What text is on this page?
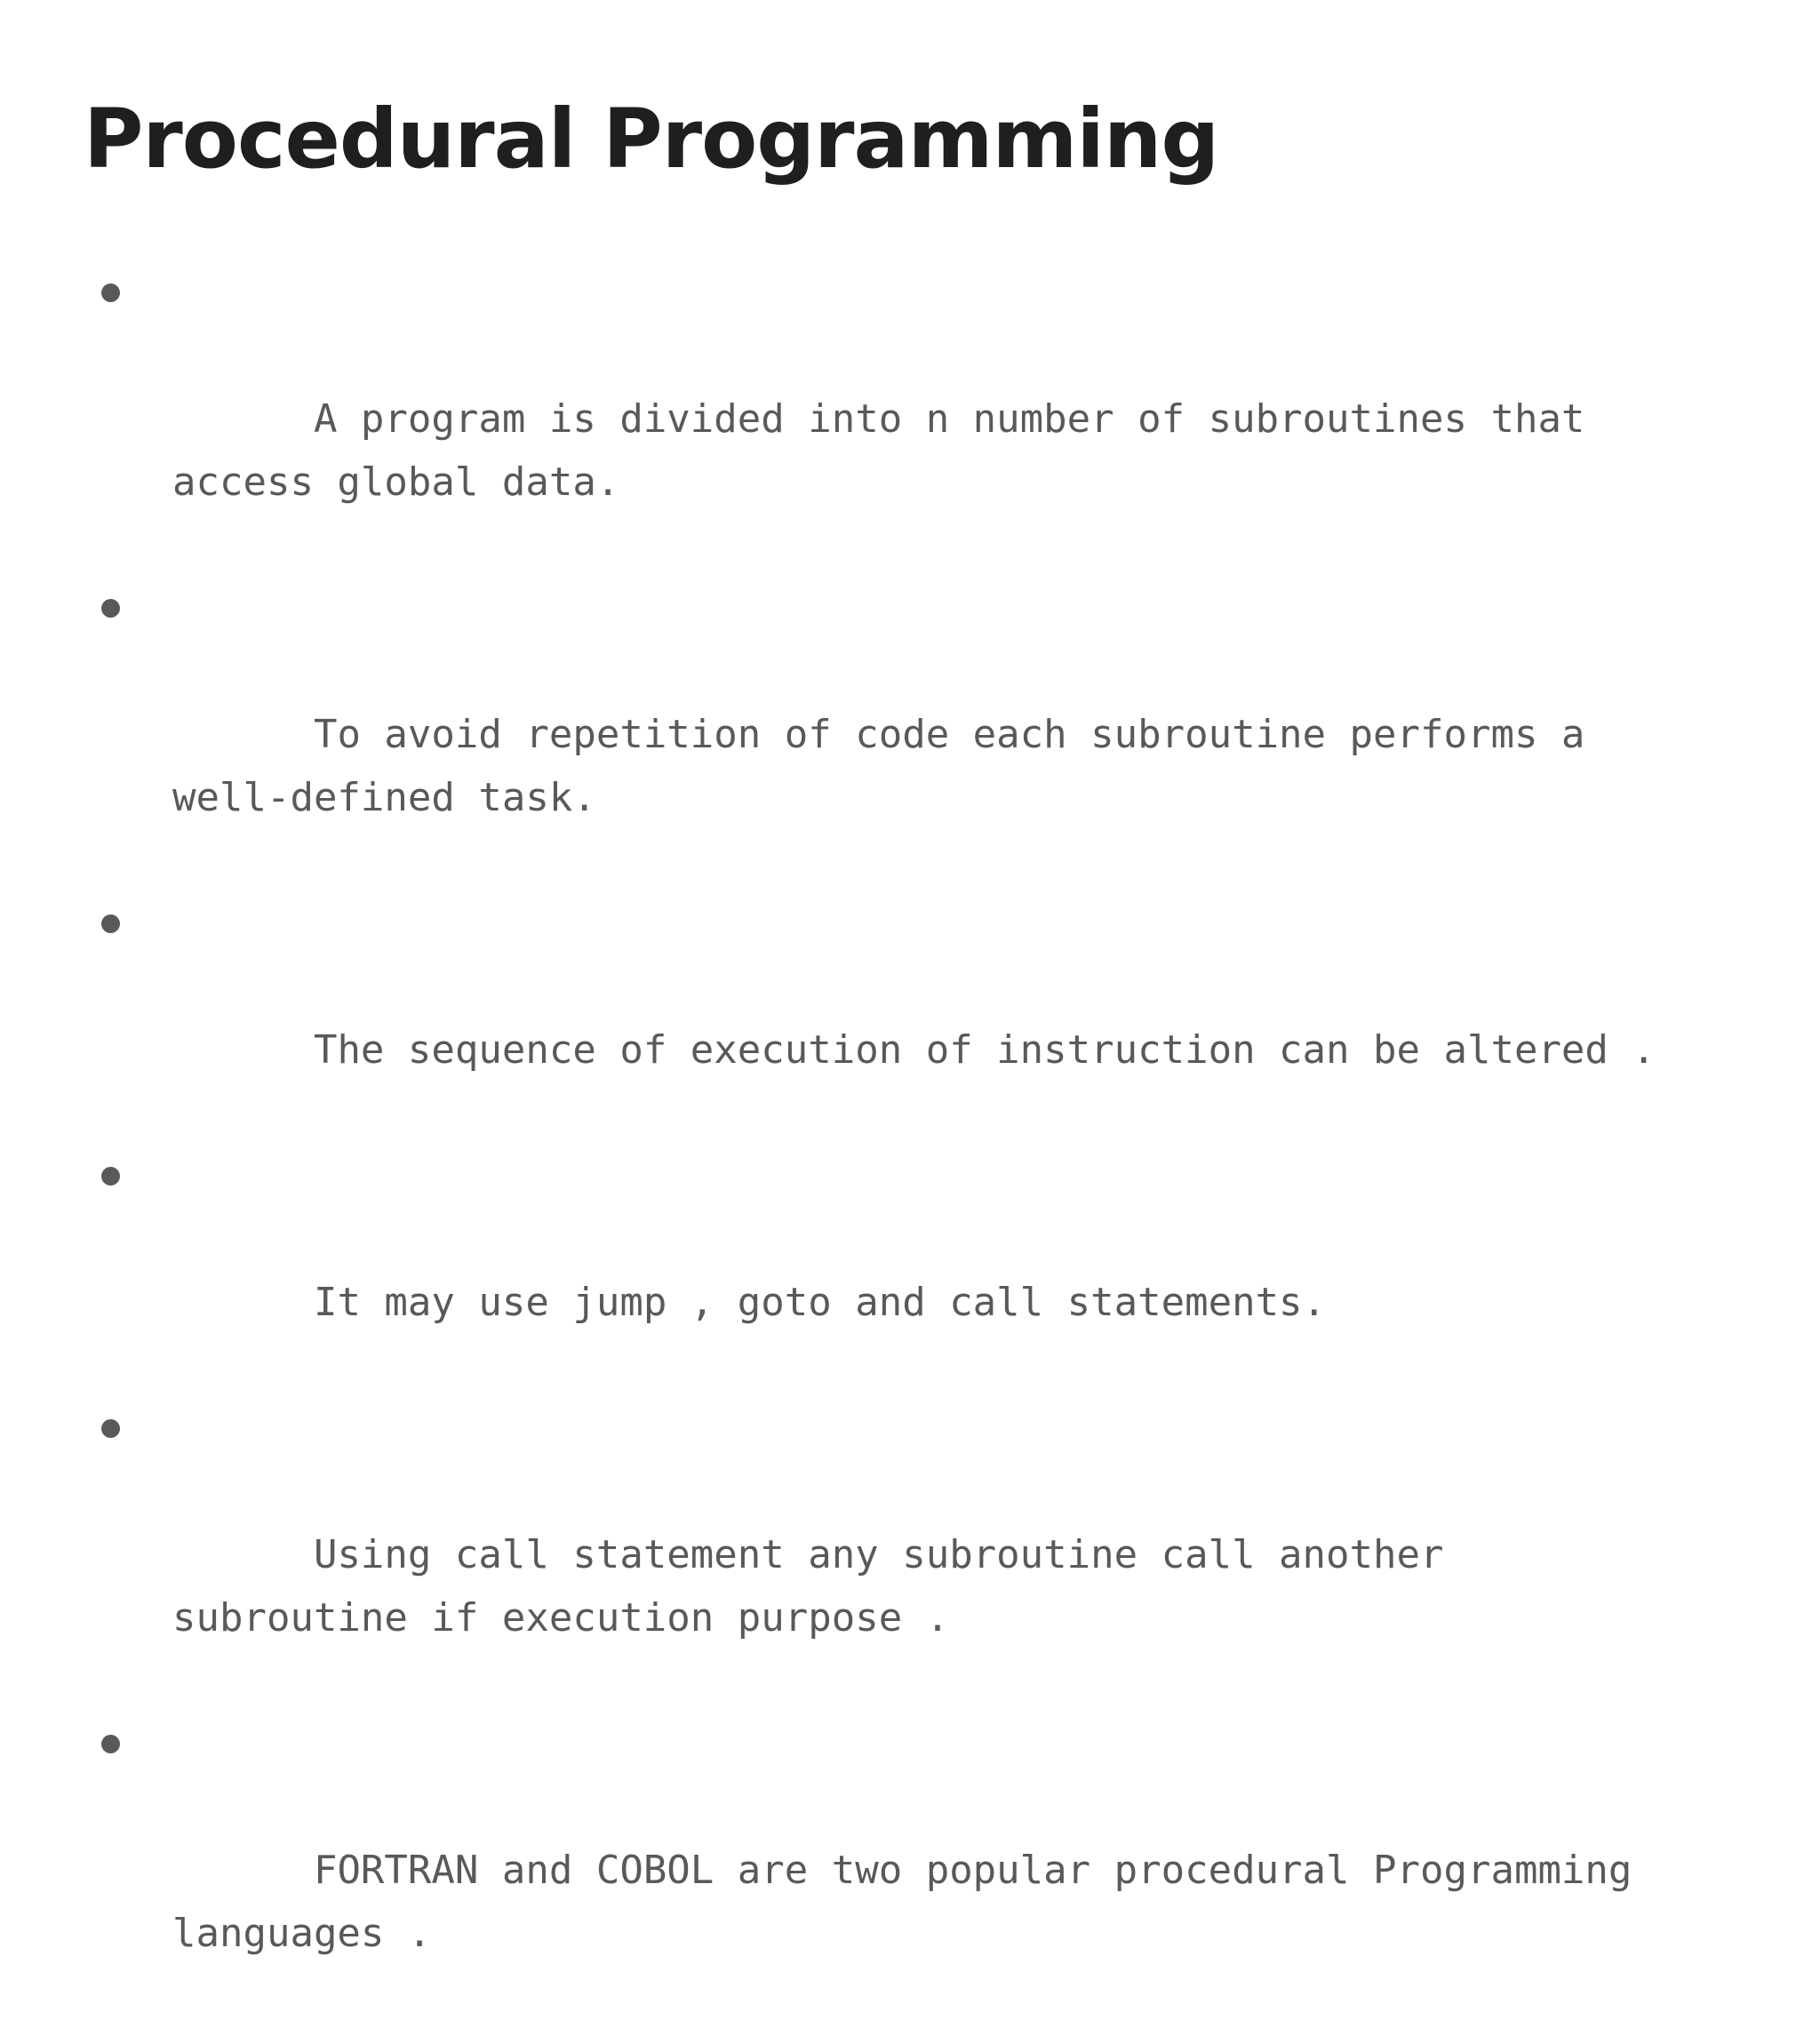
Procedural Programming

A program is divided into n number of subroutines that
access global data.

To avoid repetition of code each subroutine performs a
well-defined task.

The sequence of execution of instruction can be altered .

It may use jump , goto and call statements.

Using call statement any subroutine call another
subroutine if execution purpose .

FORTRAN and COBOL are two popular procedural Programming
languages .
